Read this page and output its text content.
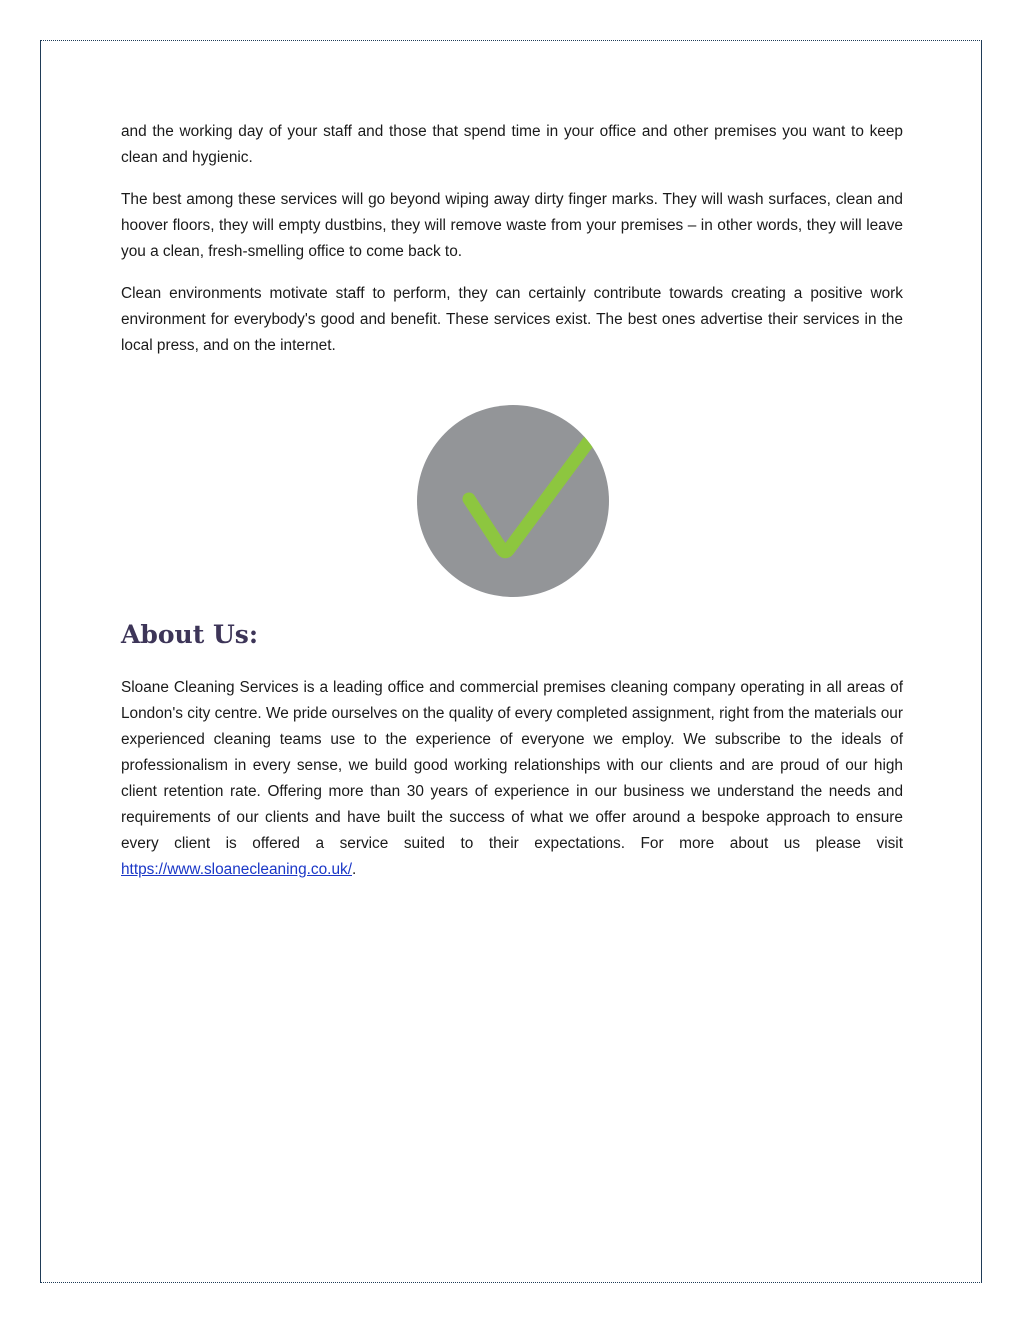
and the working day of your staff and those that spend time in your office and other premises you want to keep clean and hygienic.

The best among these services will go beyond wiping away dirty finger marks. They will wash surfaces, clean and hoover floors, they will empty dustbins, they will remove waste from your premises – in other words, they will leave you a clean, fresh-smelling office to come back to.

Clean environments motivate staff to perform, they can certainly contribute towards creating a positive work environment for everybody's good and benefit. These services exist. The best ones advertise their services in the local press, and on the internet.

About Us:

Sloane Cleaning Services is a leading office and commercial premises cleaning company operating in all areas of London's city centre. We pride ourselves on the quality of every completed assignment, right from the materials our experienced cleaning teams use to the experience of everyone we employ. We subscribe to the ideals of professionalism in every sense, we build good working relationships with our clients and are proud of our high client retention rate. Offering more than 30 years of experience in our business we understand the needs and requirements of our clients and have built the success of what we offer around a bespoke approach to ensure every client is offered a service suited to their expectations. For more about us please visit https://www.sloanecleaning.co.uk/.
